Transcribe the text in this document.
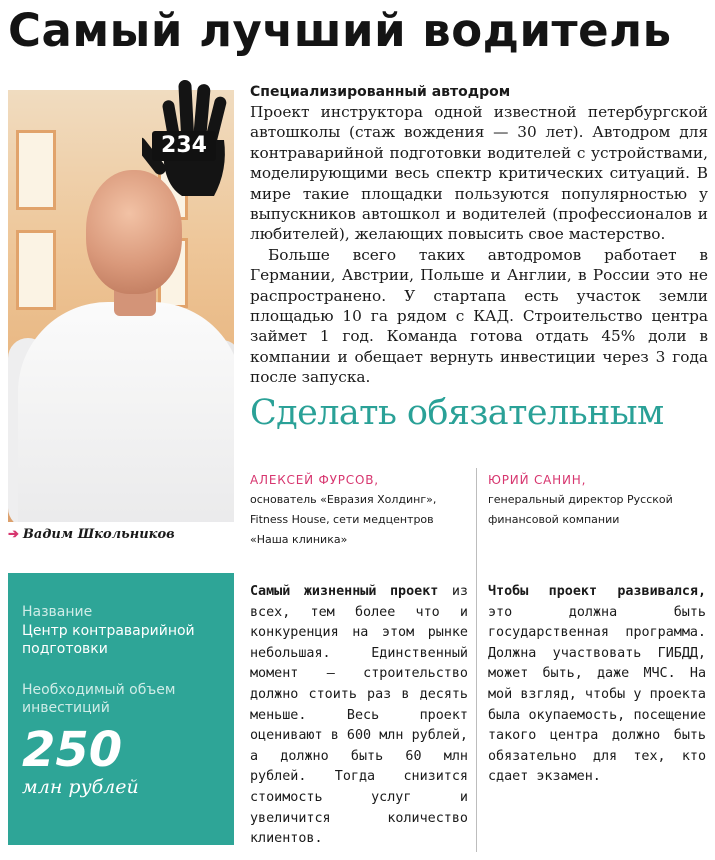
Самый лучший водитель
234
➔ Вадим Школьников
Специализированный автодром

Проект инструктора одной известной петербургской автошколы (стаж вождения — 30 лет). Автодром для контраварийной подготовки водителей с устройствами, моделирующими весь спектр критических ситуаций. В мире такие площадки пользуются популярностью у выпускников автошкол и водителей (профессионалов и любителей), желающих повысить свое мастерство.

Больше всего таких автодромов работает в Германии, Австрии, Польше и Англии, в России это не распространено. У стартапа есть участок земли площадью 10 га рядом с КАД. Строительство центра займет 1 год. Команда готова отдать 45% доли в компании и обещает вернуть инвестиции через 3 года после запуска.

Сделать обязательным
АЛЕКСЕЙ ФУРСОВ,
основатель «Евразия Холдинг», Fitness House, сети медцентров «Наша клиника»
ЮРИЙ САНИН,
генеральный директор Русской финансовой компании
Название
Центр контраварийной подготовки
Необходимый объем инвестиций
250
млн рублей
Самый жизненный проект из всех, тем более что и конкуренция на этом рынке небольшая. Единственный момент — строительство должно стоить раз в десять меньше. Весь проект оценивают в 600 млн рублей, а должно быть 60 млн рублей. Тогда снизится стоимость услуг и увеличится количество клиентов.
Чтобы проект развивался, это должна быть государственная программа. Должна участвовать ГИБДД, может быть, даже МЧС. На мой взгляд, чтобы у проекта была окупаемость, посещение такого центра должно быть обязательно для тех, кто сдает экзамен.
